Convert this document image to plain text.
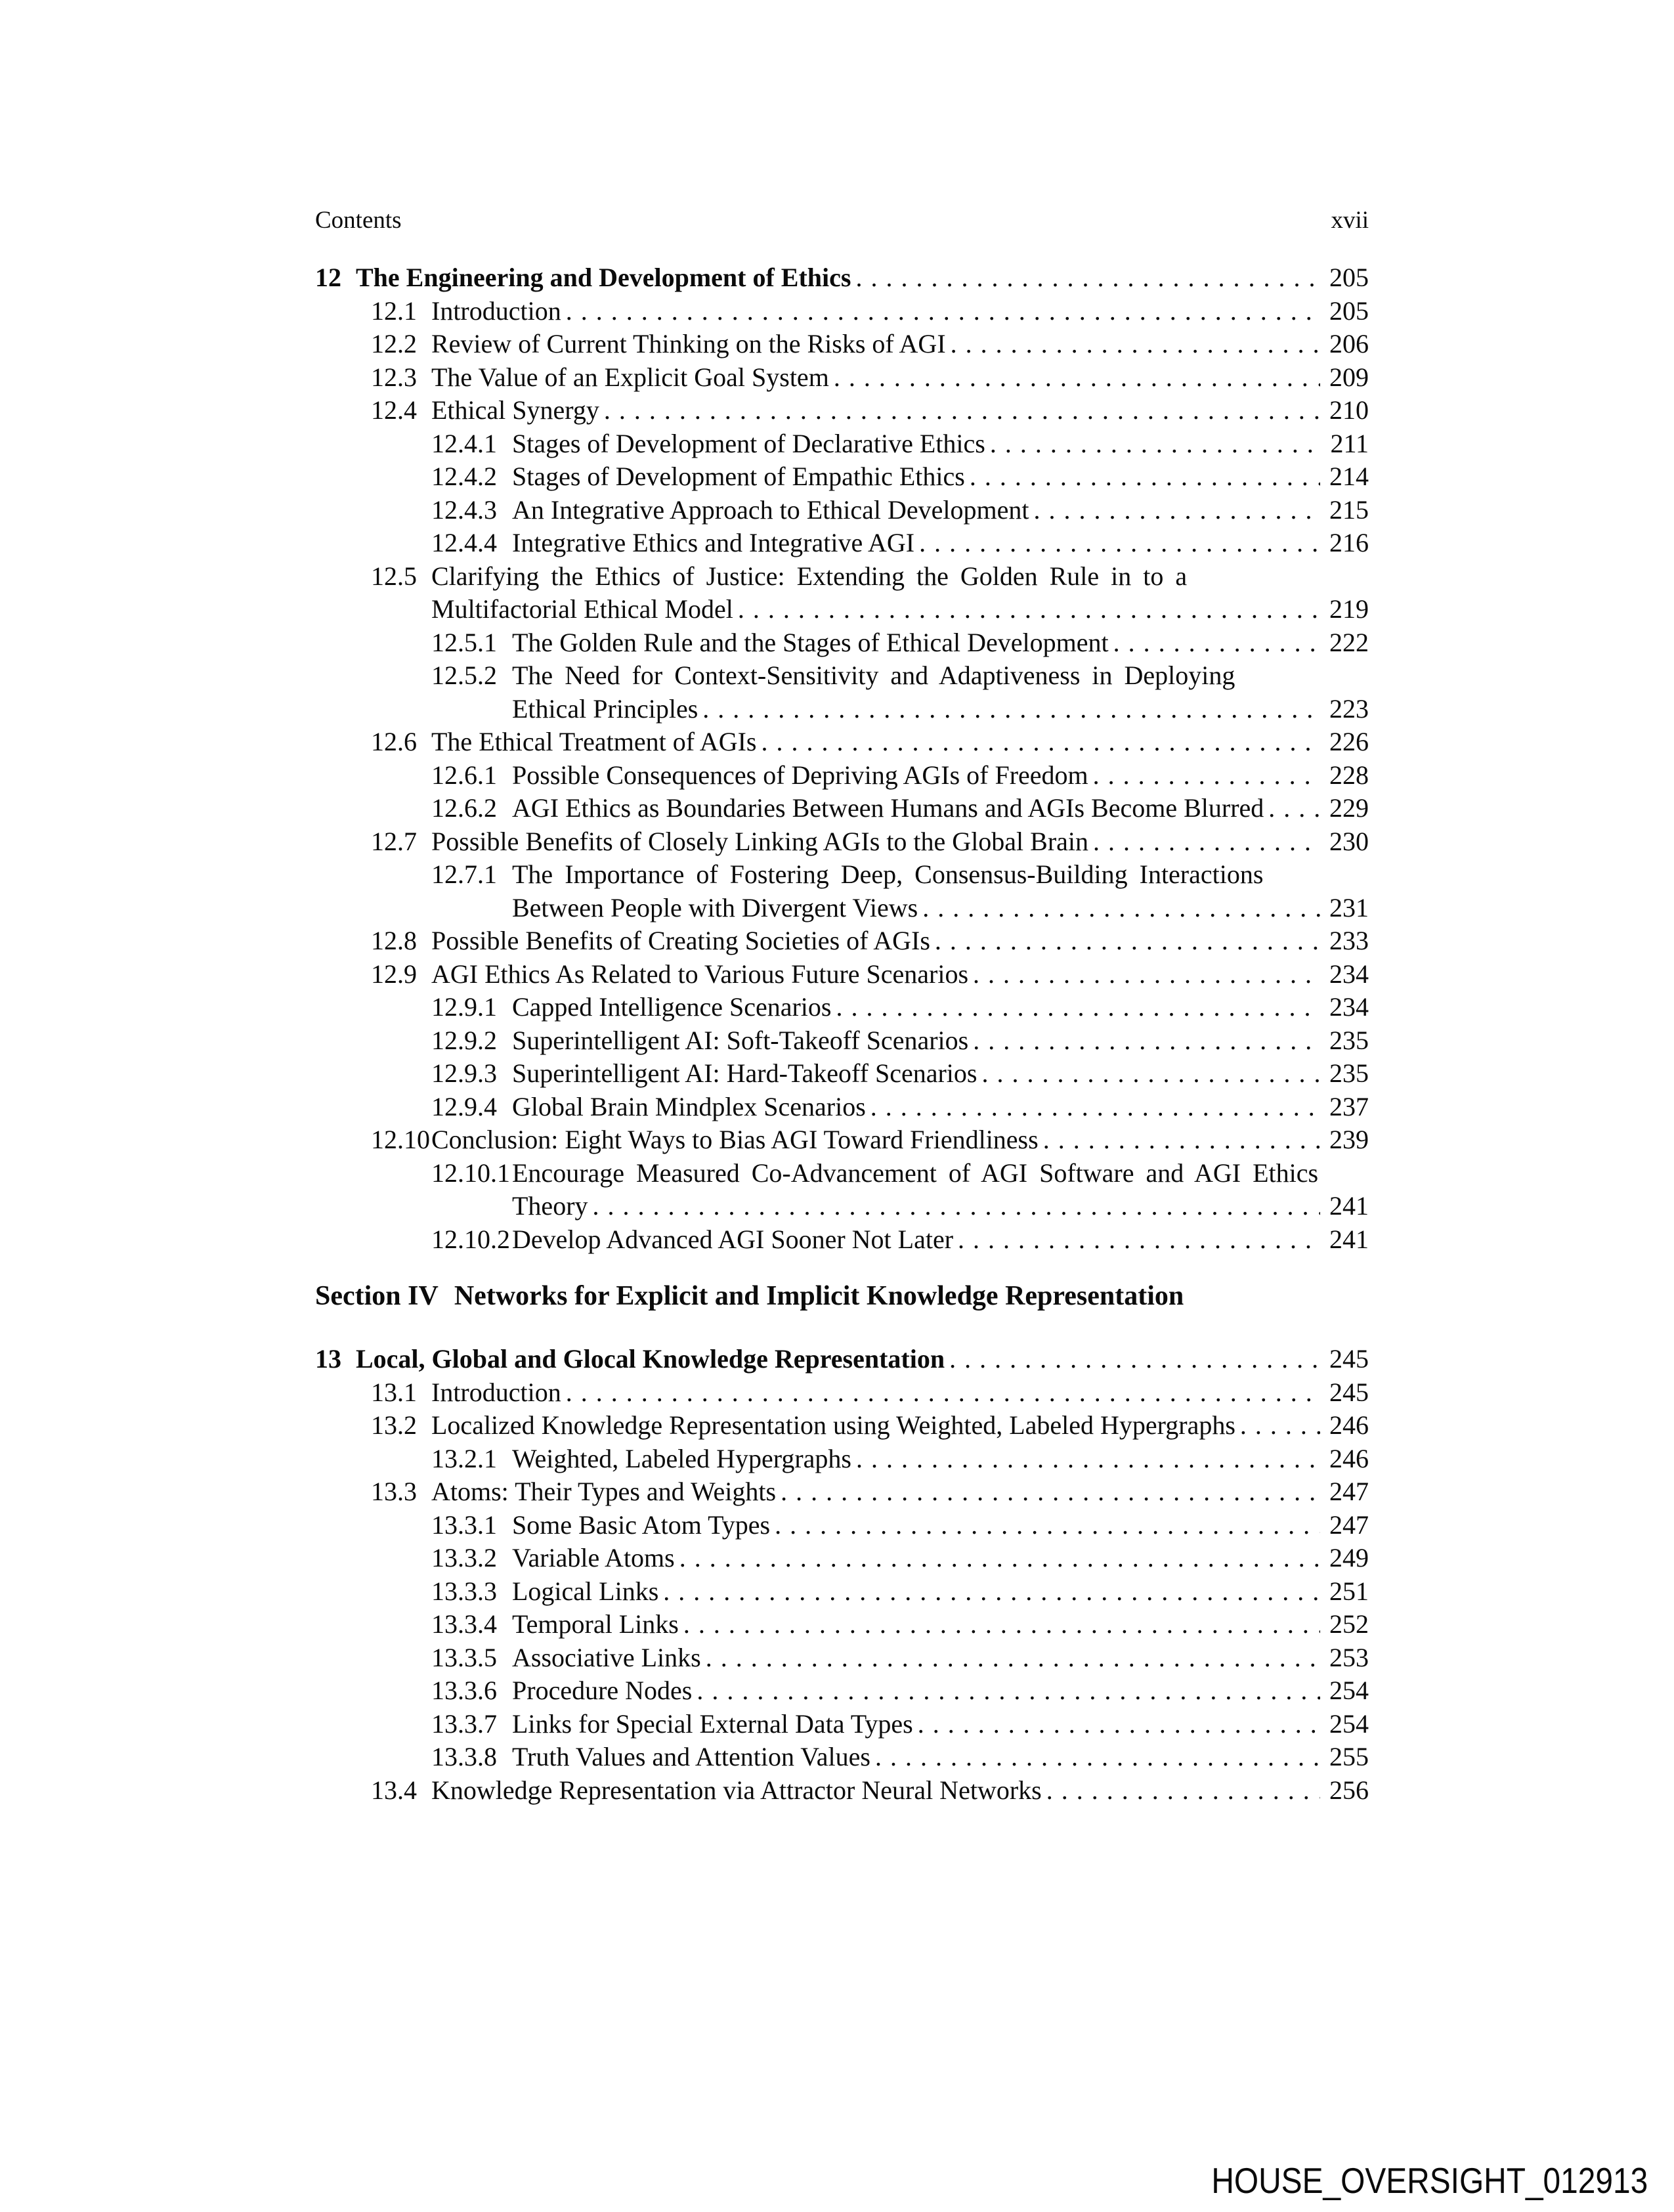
Contents	xvii
12 The Engineering and Development of Ethics .....	205
12.1 Introduction .....	205
12.2 Review of Current Thinking on the Risks of AGI .....	206
12.3 The Value of an Explicit Goal System .....	209
12.4 Ethical Synergy .....	210
12.4.1 Stages of Development of Declarative Ethics .....	211
12.4.2 Stages of Development of Empathic Ethics .....	214
12.4.3 An Integrative Approach to Ethical Development .....	215
12.4.4 Integrative Ethics and Integrative AGI .....	216
12.5 Clarifying the Ethics of Justice: Extending the Golden Rule in to a
Multifactorial Ethical Model .....	219
12.5.1 The Golden Rule and the Stages of Ethical Development .....	222
12.5.2 The Need for Context-Sensitivity and Adaptiveness in Deploying
Ethical Principles .....	223
12.6 The Ethical Treatment of AGIs .....	226
12.6.1 Possible Consequences of Depriving AGIs of Freedom .....	228
12.6.2 AGI Ethics as Boundaries Between Humans and AGIs Become Blurred ..... 229
12.7 Possible Benefits of Closely Linking AGIs to the Global Brain .....	230
12.7.1 The Importance of Fostering Deep, Consensus-Building Interactions
Between People with Divergent Views .....	231
12.8 Possible Benefits of Creating Societies of AGIs .....	233
12.9 AGI Ethics As Related to Various Future Scenarios .....	234
12.9.1 Capped Intelligence Scenarios .....	234
12.9.2 Superintelligent AI: Soft-Takeoff Scenarios .....	235
12.9.3 Superintelligent AI: Hard-Takeoff Scenarios .....	235
12.9.4 Global Brain Mindplex Scenarios .....	237
12.10 Conclusion: Eight Ways to Bias AGI Toward Friendliness .....	239
12.10.1Encourage Measured Co-Advancement of AGI Software and AGI Ethics
Theory .....	241
12.10.2 Develop Advanced AGI Sooner Not Later .....	241
Section IV Networks for Explicit and Implicit Knowledge Representation
13 Local, Global and Glocal Knowledge Representation .....	245
13.1 Introduction .....	245
13.2 Localized Knowledge Representation using Weighted, Labeled Hypergraphs .....	246
13.2.1 Weighted, Labeled Hypergraphs .....	246
13.3 Atoms: Their Types and Weights .....	247
13.3.1 Some Basic Atom Types .....	247
13.3.2 Variable Atoms .....	249
13.3.3 Logical Links .....	251
13.3.4 Temporal Links .....	252
13.3.5 Associative Links .....	253
13.3.6 Procedure Nodes .....	254
13.3.7 Links for Special External Data Types .....	254
13.3.8 Truth Values and Attention Values .....	255
13.4 Knowledge Representation via Attractor Neural Networks .....	256
HOUSE_OVERSIGHT_012913
